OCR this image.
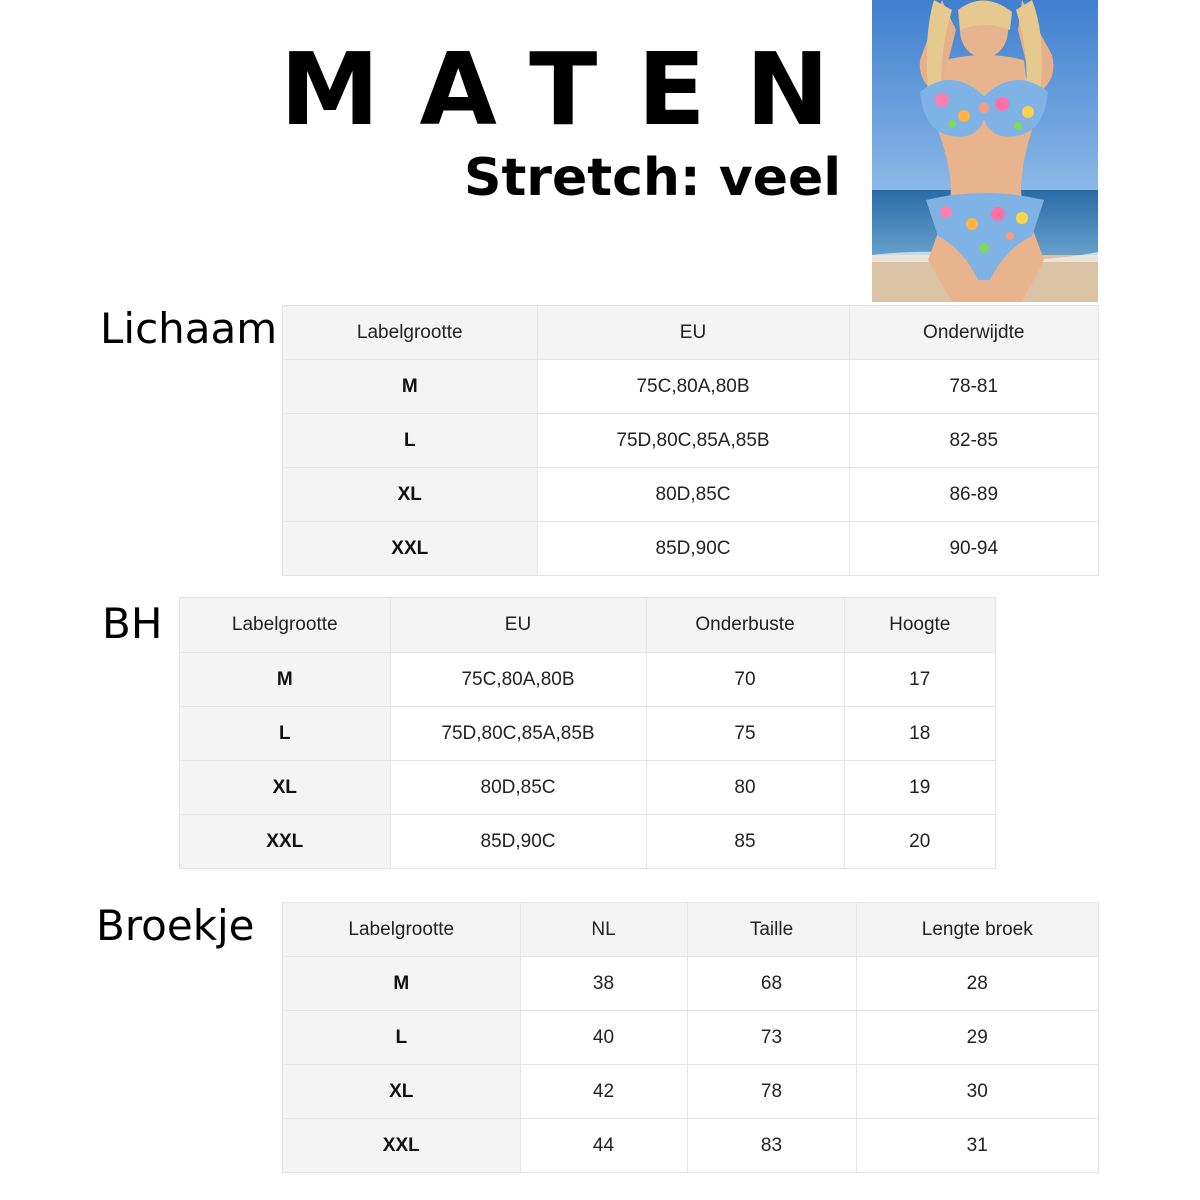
MATEN
Stretch: veel
Lichaam	Labelgrootte	EU	Onderwijdte
M	75C,80A,80B	78-81
L	75D,80C,85A,85B	82-85
XL	80D,85C	86-89
XXL	85D,90C	90-94
BH	Labelgrootte	EU	Onderbuste	Hoogte
M	75C,80A,80B	70	17
L	75D,80C,85A,85B	75	18
XL	80D,85C	80	19
XXL	85D,90C	85	20
Broekje	Labelgrootte	NL	Taille	Lengte broek
M	38	68	28
L	40	73	29
XL	42	78	30
XXL	44	83	31
